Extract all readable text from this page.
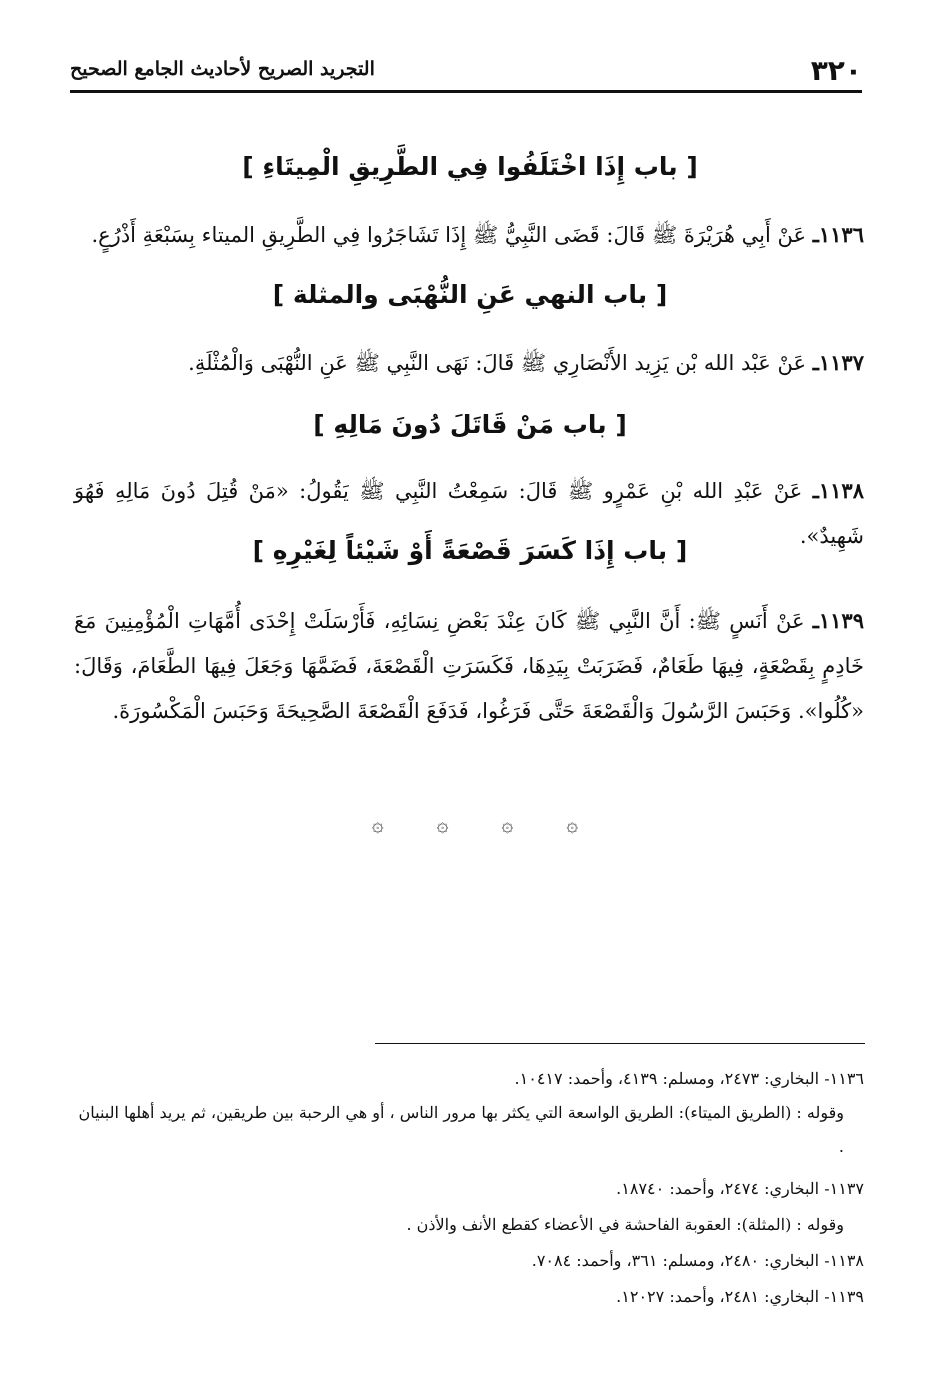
٣٢٠
التجريد الصريح لأحاديث الجامع الصحيح
[ باب إِذَا اخْتَلَفُوا فِي الطَّرِيقِ الْمِيتَاءِ ]
١١٣٦ـ عَنْ أَبِي هُرَيْرَةَ ﷺ قَالَ: قَضَى النَّبِيُّ ﷺ إِذَا تَشَاجَرُوا فِي الطَّرِيقِ الميتاء بِسَبْعَةِ أَذْرُعٍ.
[ باب النهي عَنِ النُّهْبَى والمثلة ]
١١٣٧ـ عَنْ عَبْد الله بْن يَزِيد الأَنْصَارِي ﷺ قَالَ: نَهَى النَّبِي ﷺ عَنِ النُّهْبَى وَالْمُثْلَةِ.
[ باب مَنْ قَاتَلَ دُونَ مَالِهِ ]
١١٣٨ـ عَنْ عَبْدِ الله بْنِ عَمْرٍو ﷺ قَالَ: سَمِعْتُ النَّبِي ﷺ يَقُولُ: «مَنْ قُتِلَ دُونَ مَالِهِ فَهُوَ شَهِيدٌ».
[ باب إِذَا كَسَرَ قَصْعَةً أَوْ شَيْئاً لِغَيْرِهِ ]
١١٣٩ـ عَنْ أَنَسٍ ﷺ: أَنَّ النَّبِي ﷺ كَانَ عِنْدَ بَعْضِ نِسَائِهِ، فَأَرْسَلَتْ إِحْدَى أُمَّهَاتِ الْمُؤْمِنِينَ مَعَ خَادِمٍ بِقَصْعَةٍ، فِيهَا طَعَامٌ، فَضَرَبَتْ بِيَدِهَا، فَكَسَرَتِ الْقَصْعَةَ، فَضَمَّهَا وَجَعَلَ فِيهَا الطَّعَامَ، وَقَالَ: «كُلُوا». وَحَبَسَ الرَّسُولَ وَالْقَصْعَةَ حَتَّى فَرَغُوا، فَدَفَعَ الْقَصْعَةَ الصَّحِيحَةَ وَحَبَسَ الْمَكْسُورَةَ.
۞	۞	۞	۞
١١٣٦- البخاري: ٢٤٧٣، ومسلم: ٤١٣٩، وأحمد: ١٠٤١٧.
وقوله : (الطريق الميتاء): الطريق الواسعة التي يكثر بها مرور الناس ، أو هي الرحبة بين طريقين، ثم يريد أهلها البنيان .
١١٣٧- البخاري: ٢٤٧٤، وأحمد: ١٨٧٤٠.
وقوله : (المثلة): العقوبة الفاحشة في الأعضاء كقطع الأنف والأذن .
١١٣٨- البخاري: ٢٤٨٠، ومسلم: ٣٦١، وأحمد: ٧٠٨٤.
١١٣٩- البخاري: ٢٤٨١، وأحمد: ١٢٠٢٧.
